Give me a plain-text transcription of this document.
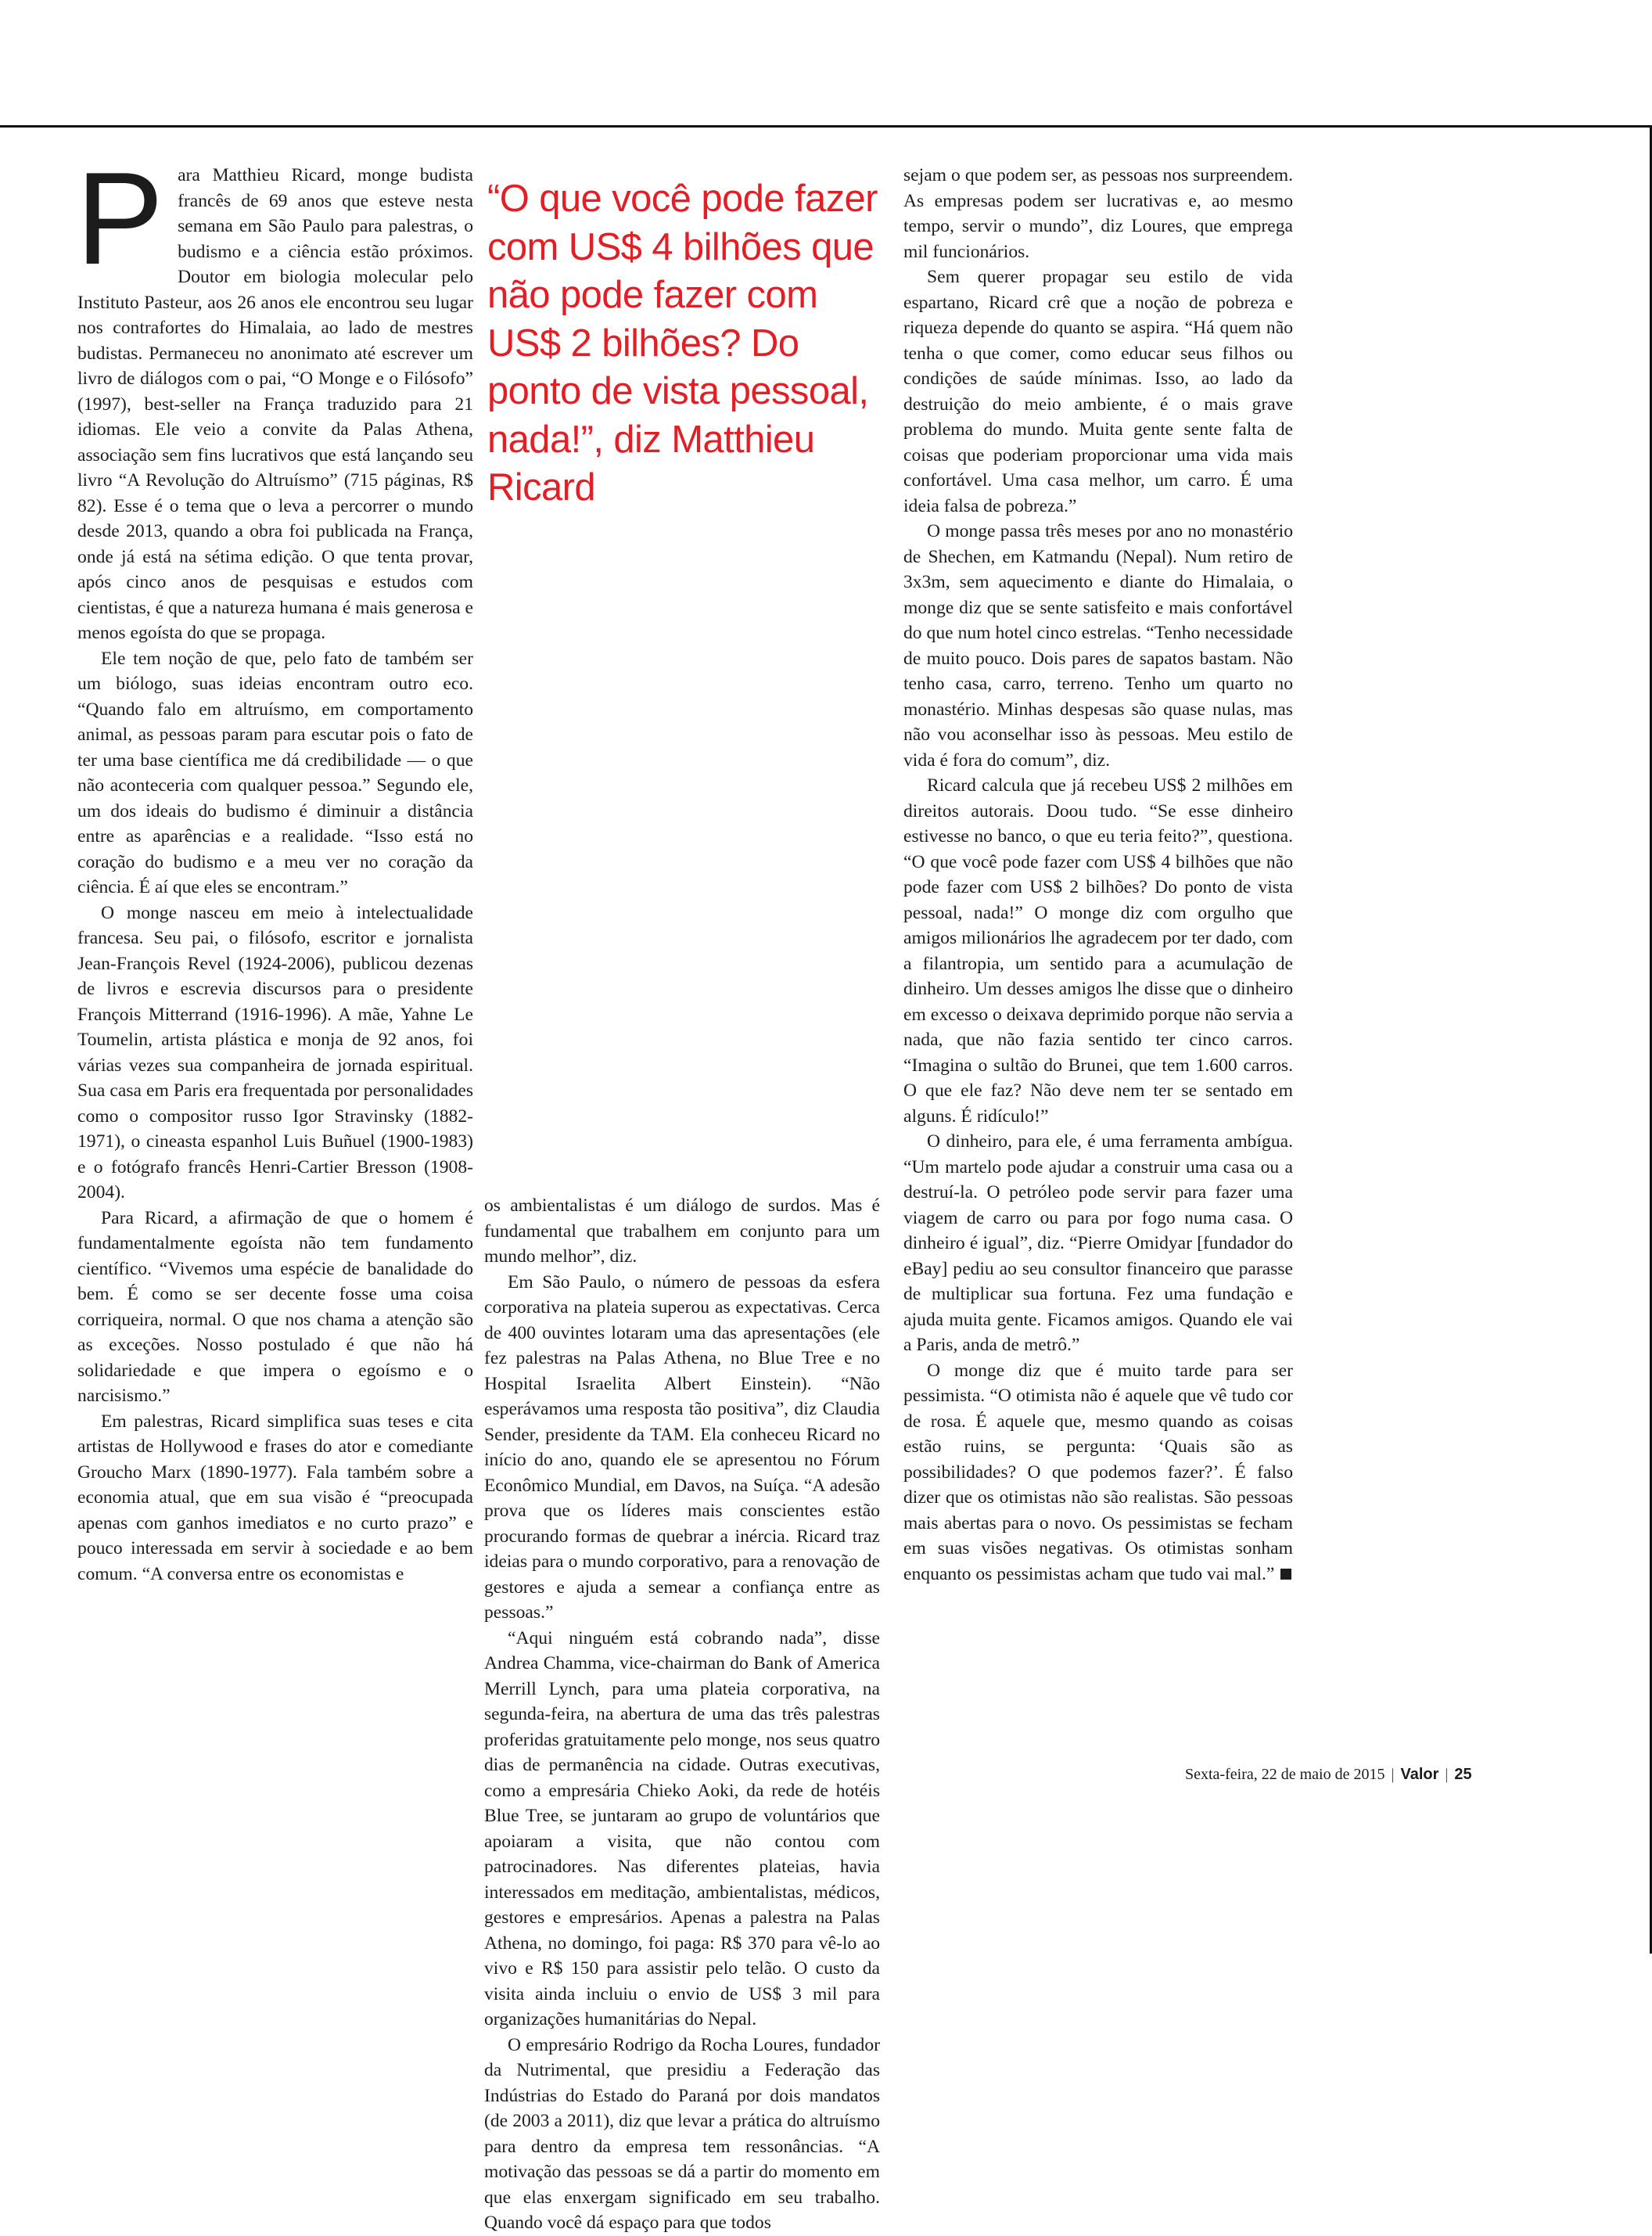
Para Matthieu Ricard, monge budista francês de 69 anos que esteve nesta semana em São Paulo para palestras, o budismo e a ciência estão próximos. Doutor em biologia molecular pelo Instituto Pasteur, aos 26 anos ele encontrou seu lugar nos contrafortes do Himalaia, ao lado de mestres budistas. Permaneceu no anonimato até escrever um livro de diálogos com o pai, “O Monge e o Filósofo” (1997), best-seller na França traduzido para 21 idiomas. Ele veio a convite da Palas Athena, associação sem fins lucrativos que está lançando seu livro “A Revolução do Altruísmo” (715 páginas, R$ 82). Esse é o tema que o leva a percorrer o mundo desde 2013, quando a obra foi publicada na França, onde já está na sétima edição. O que tenta provar, após cinco anos de pesquisas e estudos com cientistas, é que a natureza humana é mais generosa e menos egoísta do que se propaga.

Ele tem noção de que, pelo fato de também ser um biólogo, suas ideias encontram outro eco. “Quando falo em altruísmo, em comportamento animal, as pessoas param para escutar pois o fato de ter uma base científica me dá credibilidade — o que não aconteceria com qualquer pessoa.” Segundo ele, um dos ideais do budismo é diminuir a distância entre as aparências e a realidade. “Isso está no coração do budismo e a meu ver no coração da ciência. É aí que eles se encontram.”

O monge nasceu em meio à intelectualidade francesa. Seu pai, o filósofo, escritor e jornalista Jean-François Revel (1924-2006), publicou dezenas de livros e escrevia discursos para o presidente François Mitterrand (1916-1996). A mãe, Yahne Le Toumelin, artista plástica e monja de 92 anos, foi várias vezes sua companheira de jornada espiritual. Sua casa em Paris era frequentada por personalidades como o compositor russo Igor Stravinsky (1882-1971), o cineasta espanhol Luis Buñuel (1900-1983) e o fotógrafo francês Henri-Cartier Bresson (1908-2004).

Para Ricard, a afirmação de que o homem é fundamentalmente egoísta não tem fundamento científico. “Vivemos uma espécie de banalidade do bem. É como se ser decente fosse uma coisa corriqueira, normal. O que nos chama a atenção são as exceções. Nosso postulado é que não há solidariedade e que impera o egoísmo e o narcisismo.”

Em palestras, Ricard simplifica suas teses e cita artistas de Hollywood e frases do ator e comediante Groucho Marx (1890-1977). Fala também sobre a economia atual, que em sua visão é “preocupada apenas com ganhos imediatos e no curto prazo” e pouco interessada em servir à sociedade e ao bem comum. “A conversa entre os economistas e

“O que você pode fazer com US$ 4 bilhões que não pode fazer com US$ 2 bilhões? Do ponto de vista pessoal, nada!”, diz Matthieu Ricard

os ambientalistas é um diálogo de surdos. Mas é fundamental que trabalhem em conjunto para um mundo melhor”, diz.

Em São Paulo, o número de pessoas da esfera corporativa na plateia superou as expectativas. Cerca de 400 ouvintes lotaram uma das apresentações (ele fez palestras na Palas Athena, no Blue Tree e no Hospital Israelita Albert Einstein). “Não esperávamos uma resposta tão positiva”, diz Claudia Sender, presidente da TAM. Ela conheceu Ricard no início do ano, quando ele se apresentou no Fórum Econômico Mundial, em Davos, na Suíça. “A adesão prova que os líderes mais conscientes estão procurando formas de quebrar a inércia. Ricard traz ideias para o mundo corporativo, para a renovação de gestores e ajuda a semear a confiança entre as pessoas.”

“Aqui ninguém está cobrando nada”, disse Andrea Chamma, vice-chairman do Bank of America Merrill Lynch, para uma plateia corporativa, na segunda-feira, na abertura de uma das três palestras proferidas gratuitamente pelo monge, nos seus quatro dias de permanência na cidade. Outras executivas, como a empresária Chieko Aoki, da rede de hotéis Blue Tree, se juntaram ao grupo de voluntários que apoiaram a visita, que não contou com patrocinadores. Nas diferentes plateias, havia interessados em meditação, ambientalistas, médicos, gestores e empresários. Apenas a palestra na Palas Athena, no domingo, foi paga: R$ 370 para vê-lo ao vivo e R$ 150 para assistir pelo telão. O custo da visita ainda incluiu o envio de US$ 3 mil para organizações humanitárias do Nepal.

O empresário Rodrigo da Rocha Loures, fundador da Nutrimental, que presidiu a Federação das Indústrias do Estado do Paraná por dois mandatos (de 2003 a 2011), diz que levar a prática do altruísmo para dentro da empresa tem ressonâncias. “A motivação das pessoas se dá a partir do momento em que elas enxergam significado em seu trabalho. Quando você dá espaço para que todos

sejam o que podem ser, as pessoas nos surpreendem. As empresas podem ser lucrativas e, ao mesmo tempo, servir o mundo”, diz Loures, que emprega mil funcionários.

Sem querer propagar seu estilo de vida espartano, Ricard crê que a noção de pobreza e riqueza depende do quanto se aspira. “Há quem não tenha o que comer, como educar seus filhos ou condições de saúde mínimas. Isso, ao lado da destruição do meio ambiente, é o mais grave problema do mundo. Muita gente sente falta de coisas que poderiam proporcionar uma vida mais confortável. Uma casa melhor, um carro. É uma ideia falsa de pobreza.”

O monge passa três meses por ano no monastério de Shechen, em Katmandu (Nepal). Num retiro de 3x3m, sem aquecimento e diante do Himalaia, o monge diz que se sente satisfeito e mais confortável do que num hotel cinco estrelas. “Tenho necessidade de muito pouco. Dois pares de sapatos bastam. Não tenho casa, carro, terreno. Tenho um quarto no monastério. Minhas despesas são quase nulas, mas não vou aconselhar isso às pessoas. Meu estilo de vida é fora do comum”, diz.

Ricard calcula que já recebeu US$ 2 milhões em direitos autorais. Doou tudo. “Se esse dinheiro estivesse no banco, o que eu teria feito?”, questiona. “O que você pode fazer com US$ 4 bilhões que não pode fazer com US$ 2 bilhões? Do ponto de vista pessoal, nada!” O monge diz com orgulho que amigos milionários lhe agradecem por ter dado, com a filantropia, um sentido para a acumulação de dinheiro. Um desses amigos lhe disse que o dinheiro em excesso o deixava deprimido porque não servia a nada, que não fazia sentido ter cinco carros. “Imagina o sultão do Brunei, que tem 1.600 carros. O que ele faz? Não deve nem ter se sentado em alguns. É ridículo!”

O dinheiro, para ele, é uma ferramenta ambígua. “Um martelo pode ajudar a construir uma casa ou a destruí-la. O petróleo pode servir para fazer uma viagem de carro ou para por fogo numa casa. O dinheiro é igual”, diz. “Pierre Omidyar [fundador do eBay] pediu ao seu consultor financeiro que parasse de multiplicar sua fortuna. Fez uma fundação e ajuda muita gente. Ficamos amigos. Quando ele vai a Paris, anda de metrô.”

O monge diz que é muito tarde para ser pessimista. “O otimista não é aquele que vê tudo cor de rosa. É aquele que, mesmo quando as coisas estão ruins, se pergunta: ‘Quais são as possibilidades? O que podemos fazer?’. É falso dizer que os otimistas não são realistas. São pessoas mais abertas para o novo. Os pessimistas se fecham em suas visões negativas. Os otimistas sonham enquanto os pessimistas acham que tudo vai mal.”

Sexta-feira, 22 de maio de 2015 | Valor | 25
